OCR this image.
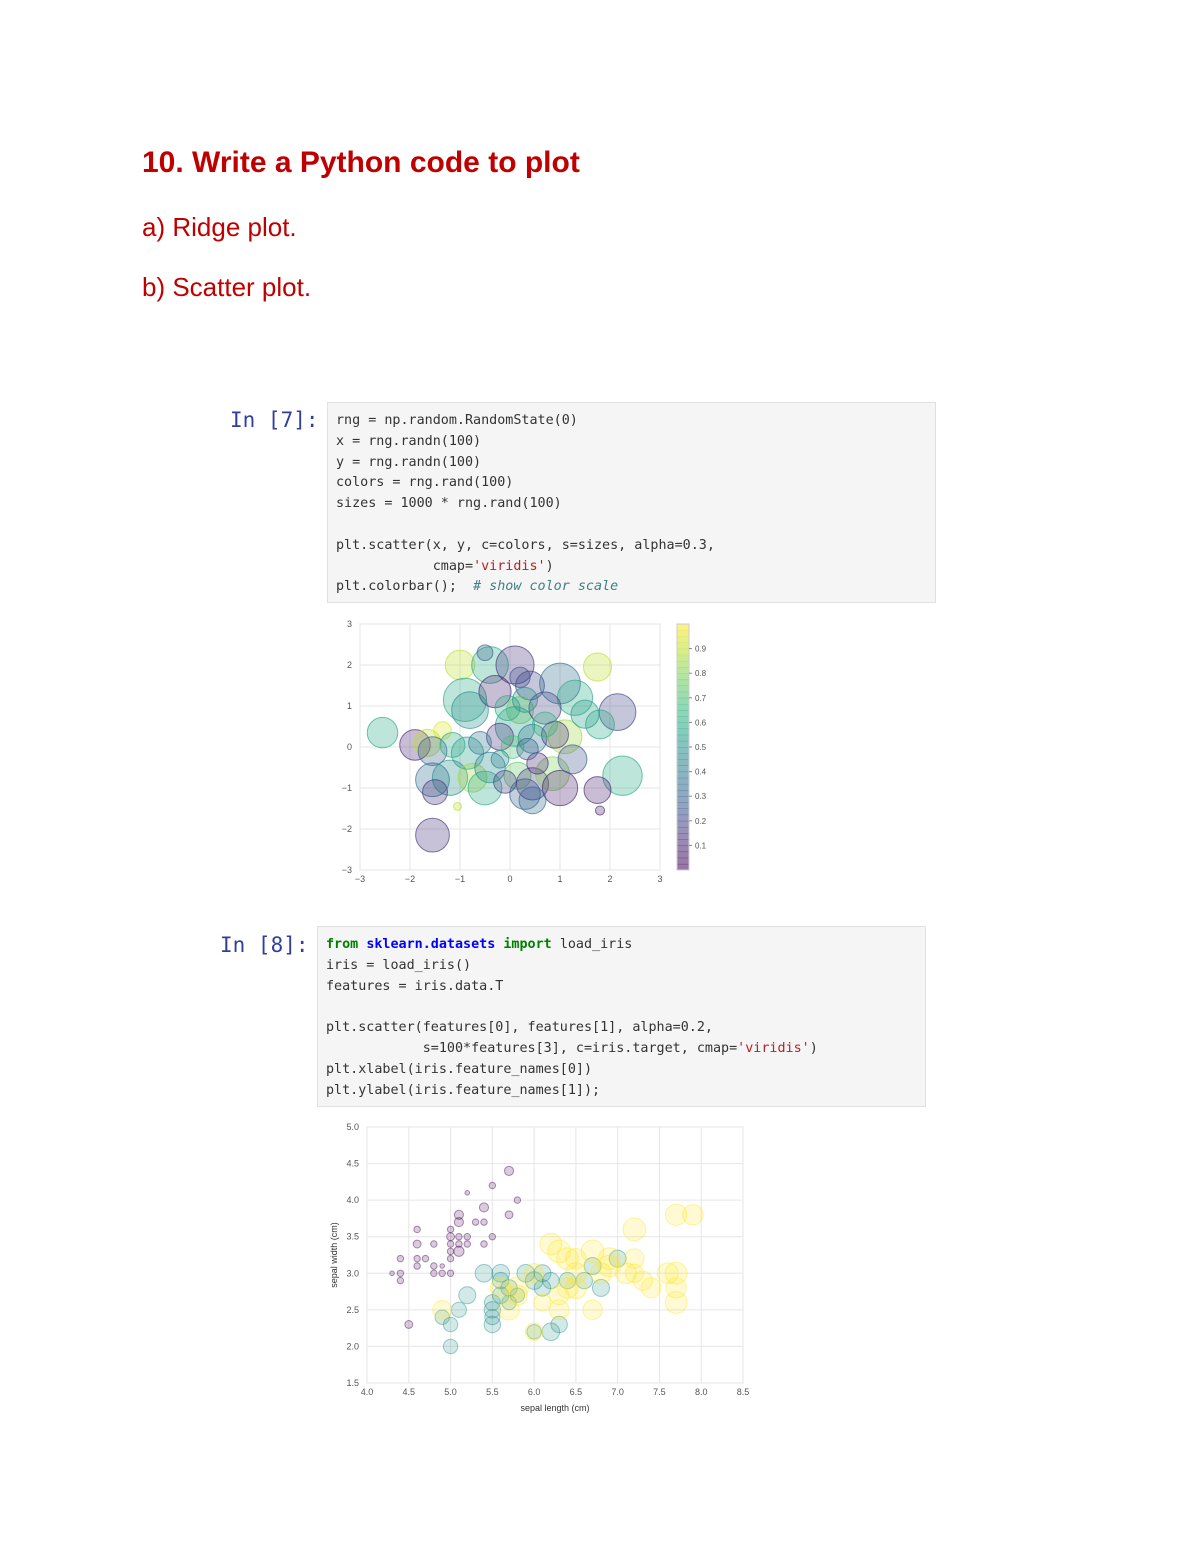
10. Write a Python code to plot
a) Ridge plot.
b) Scatter plot.
In [7]:	rng = np.random.RandomState(0)
x = rng.randn(100)
y = rng.randn(100)
colors = rng.rand(100)
sizes = 1000 * rng.rand(100)

plt.scatter(x, y, c=colors, s=sizes, alpha=0.3,
cmap='viridis')
plt.colorbar();  # show color scale
−3	−2	−1	0	1	2	3
−3
−2
−1
0
1
2
3
0.1
0.2
0.3
0.4
0.5
0.6
0.7
0.8
0.9
In [8]:	from sklearn.datasets import load_iris
iris = load_iris()
features = iris.data.T

plt.scatter(features[0], features[1], alpha=0.2,
s=100*features[3], c=iris.target, cmap='viridis')
plt.xlabel(iris.feature_names[0])
plt.ylabel(iris.feature_names[1]);
4.0	4.5	5.0	5.5	6.0	6.5	7.0	7.5	8.0	8.5
1.5
2.0
2.5
3.0
3.5
4.0
4.5
5.0
sepal length (cm)
sepal width (cm)
